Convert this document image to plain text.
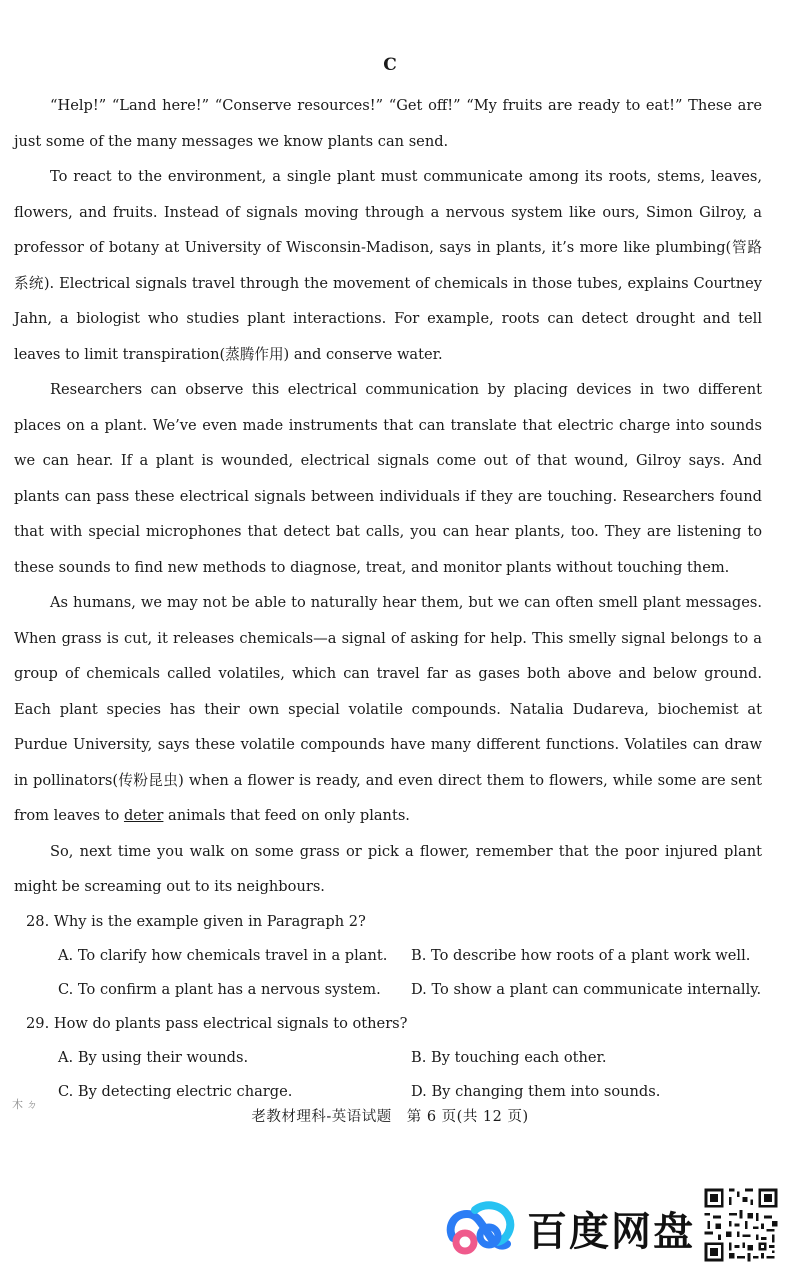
C

“Help!” “Land here!” “Conserve resources!” “Get off!” “My fruits are ready to eat!” These are just some of the many messages we know plants can send.

To react to the environment, a single plant must communicate among its roots, stems, leaves, flowers, and fruits. Instead of signals moving through a nervous system like ours, Simon Gilroy, a professor of botany at University of Wisconsin-Madison, says in plants, it’s more like plumbing(管路系统). Electrical signals travel through the movement of chemicals in those tubes, explains Courtney Jahn, a biologist who studies plant interactions. For example, roots can detect drought and tell leaves to limit transpiration(蒸腾作用) and conserve water.

Researchers can observe this electrical communication by placing devices in two different places on a plant. We’ve even made instruments that can translate that electric charge into sounds we can hear. If a plant is wounded, electrical signals come out of that wound, Gilroy says. And plants can pass these electrical signals between individuals if they are touching. Researchers found that with special microphones that detect bat calls, you can hear plants, too. They are listening to these sounds to find new methods to diagnose, treat, and monitor plants without touching them.

As humans, we may not be able to naturally hear them, but we can often smell plant messages. When grass is cut, it releases chemicals—a signal of asking for help. This smelly signal belongs to a group of chemicals called volatiles, which can travel far as gases both above and below ground. Each plant species has their own special volatile compounds. Natalia Dudareva, biochemist at Purdue University, says these volatile compounds have many different functions. Volatiles can draw in pollinators(传粉昆虫) when a flower is ready, and even direct them to flowers, while some are sent from leaves to deter animals that feed on only plants.

So, next time you walk on some grass or pick a flower, remember that the poor injured plant might be screaming out to its neighbours.

28. Why is the example given in Paragraph 2?
A. To clarify how chemicals travel in a plant.	B. To describe how roots of a plant work well.
C. To confirm a plant has a nervous system.	D. To show a plant can communicate internally.
29. How do plants pass electrical signals to others?
A. By using their wounds.	B. By touching each other.
C. By detecting electric charge.	D. By changing them into sounds.
木 ㄉ
老教材理科-英语试题　第 6 页(共 12 页)
百度网盘
